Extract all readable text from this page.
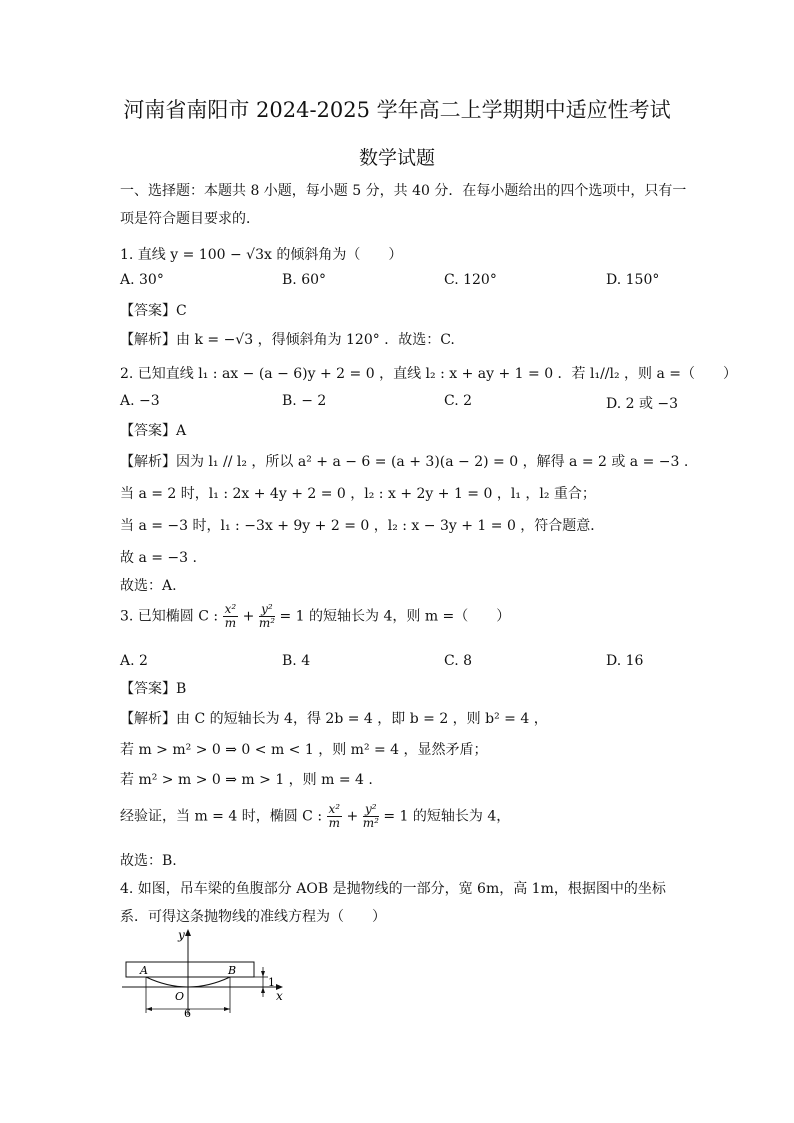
河南省南阳市 2024-2025 学年高二上学期期中适应性考试
数学试题
一、选择题：本题共 8 小题，每小题 5 分，共 40 分．在每小题给出的四个选项中，只有一
项是符合题目要求的．
1. 直线 y = 100 − √3x 的倾斜角为（　　）
A. 30°	B. 60°	C. 120°	D. 150°
【答案】C
【解析】由 k = −√3 ，得倾斜角为 120° ．故选：C.
2. 已知直线 l₁ : ax − (a − 6)y + 2 = 0 ，直线 l₂ : x + ay + 1 = 0 ．若 l₁//l₂ ，则 a =（　　）
A. −3	B. − 2	C. 2	D. 2 或 −3
【答案】A
【解析】因为 l₁ // l₂ ，所以 a² + a − 6 = (a + 3)(a − 2) = 0 ，解得 a = 2 或 a = −3 .
当 a = 2 时，l₁ : 2x + 4y + 2 = 0 ，l₂ : x + 2y + 1 = 0 ，l₁ ，l₂ 重合；
当 a = −3 时，l₁ : −3x + 9y + 2 = 0 ，l₂ : x − 3y + 1 = 0 ，符合题意．
故 a = −3 .
故选：A.
3. 已知椭圆 C : $\frac{\text{x²}}{m} + \frac{\text{y²}}{\text{m²}} = 1$ 的短轴长为 4，则 m =（　　）
A. 2	B. 4	C. 8	D. 16
【答案】B
【解析】由 C 的短轴长为 4，得 2b = 4 ，即 b = 2 ，则 b² = 4 ，
若 m > m² > 0 ⇒ 0 < m < 1 ，则 m² = 4 ，显然矛盾；
若 m² > m > 0 ⇒ m > 1 ，则 m = 4 .
经验证，当 m = 4 时，椭圆 C : $\frac{\text{x²}}{m} + \frac{\text{y²}}{\text{m²}} = 1$ 的短轴长为 4，
故选：B.
4. 如图，吊车梁的鱼腹部分 AOB 是抛物线的一部分，宽 6m，高 1m，根据图中的坐标
系．可得这条抛物线的准线方程为（　　）
y
x
A	B
O
6
1
